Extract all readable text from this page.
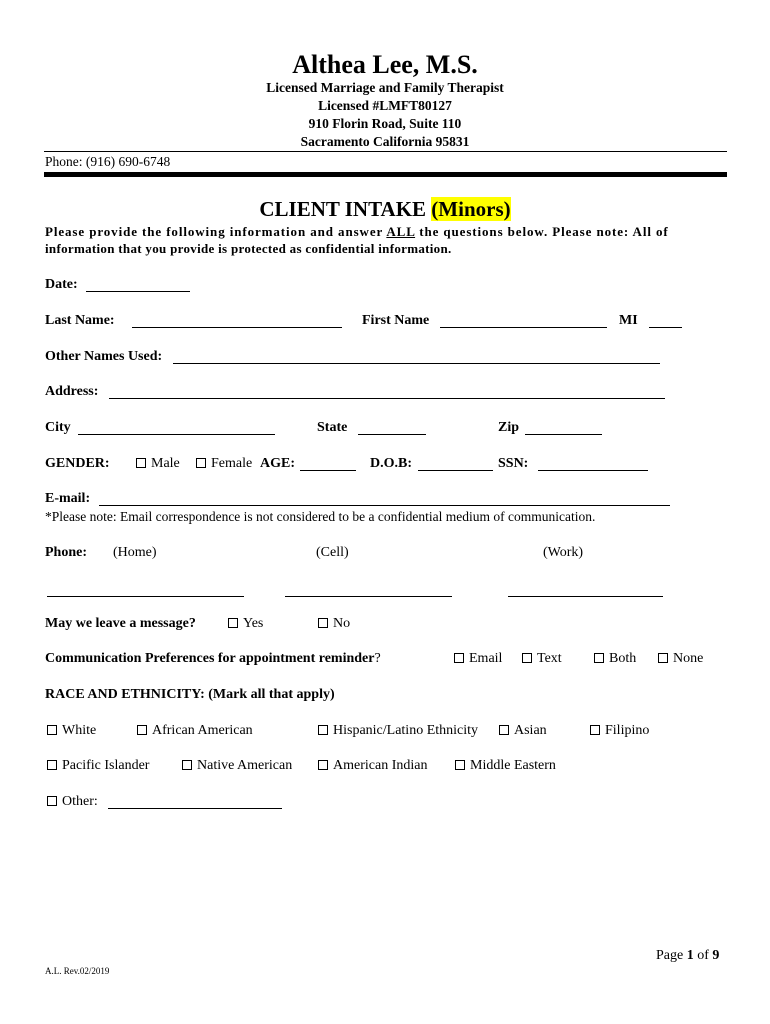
Althea Lee, M.S.
Licensed Marriage and Family Therapist
Licensed #LMFT80127
910 Florin Road, Suite 110
Sacramento California 95831
Phone: (916) 690-6748
CLIENT INTAKE (Minors)
Please provide the following information and answer ALL the questions below. Please note: All of
information that you provide is protected as confidential information.
Date:
Last Name:	First Name	MI
Other Names Used:
Address:
City	State	Zip
GENDER:	Male	Female AGE:	D.O.B:	SSN:
E-mail:
*Please note: Email correspondence is not considered to be a confidential medium of communication.
Phone: (Home)	(Cell)	(Work)
May we leave a message?	Yes	No
Communication Preferences for appointment reminder?	Email	Text	Both	None
RACE AND ETHNICITY: (Mark all that apply)
White	African American	Hispanic/Latino Ethnicity	Asian	Filipino
Pacific Islander	Native American	American Indian	Middle Eastern
Other:
Page 1 of 9
A.L. Rev.02/2019
